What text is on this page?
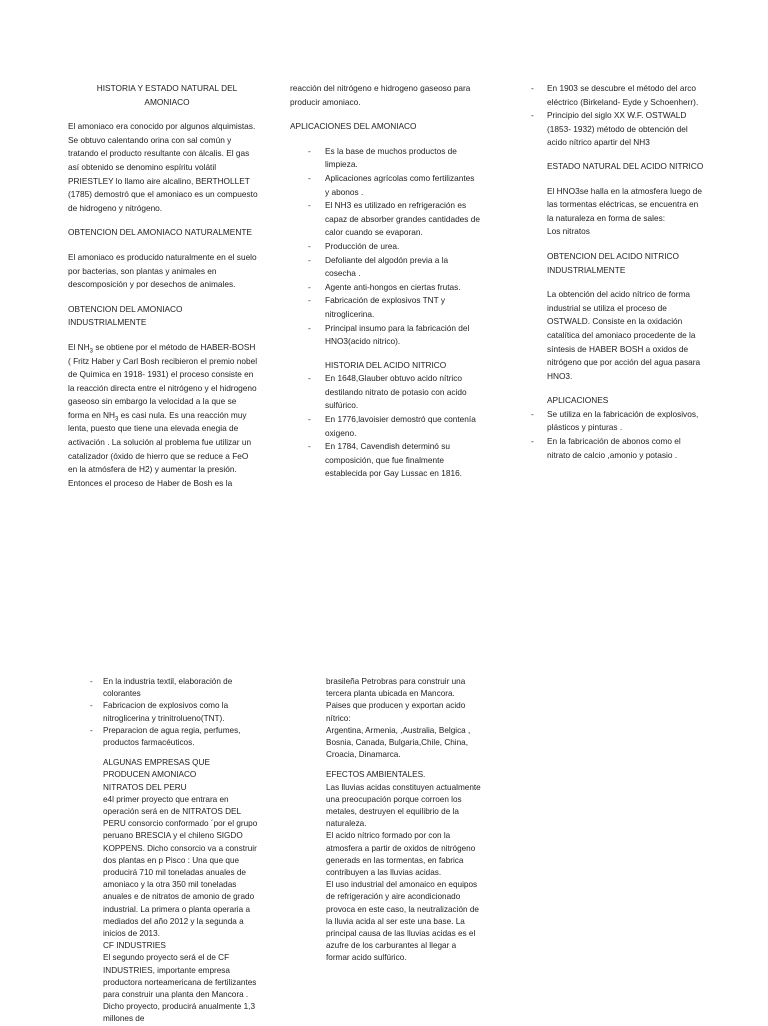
HISTORIA Y ESTADO NATURAL DEL
AMONIACO

El amoniaco era conocido por algunos alquimistas. Se obtuvo calentando orina con sal común y tratando el producto resultante con álcalis. El gas así obtenido se denomino espíritu volátil PRIESTLEY lo llamo aire alcalino, BERTHOLLET (1785) demostró que el amoniaco es un compuesto de hidrogeno y nitrógeno.

OBTENCION DEL AMONIACO NATURALMENTE

El amoniaco es producido naturalmente en el suelo por bacterias, son plantas y animales en descomposición y por desechos de animales.

OBTENCION DEL AMONIACO INDUSTRIALMENTE

El $NH_3$ se obtiene por el método de HABER-BOSH ( Fritz Haber y Carl Bosh recibieron el premio nobel de Quimica en 1918- 1931) el proceso consiste en la reacción directa entre el nitrógeno y el hidrogeno gaseoso sin embargo la velocidad a la que se forma en $NH_3$ es casi nula. Es una reacción muy lenta, puesto que tiene una elevada enegia de activación . La solución al problema fue utilizar un catalizador (óxido de hierro que se reduce a FeO en la atmósfera de H2) y aumentar la presión. Entonces el proceso de Haber de Bosh es la

reacción del nitrógeno e hidrogeno gaseoso para producir amoniaco.

APLICACIONES DEL AMONIACO

- Es la base de muchos productos de limpieza.
- Aplicaciones agrícolas como fertilizantes y abonos .
- El NH3 es utilizado en refrigeración es capaz de absorber grandes cantidades de calor cuando se evaporan.
- Producción de urea.
- Defoliante del algodón previa a la cosecha .
- Agente anti-hongos en ciertas frutas.
- Fabricación de explosivos TNT y nitroglicerina.
- Principal insumo para la fabricación del HNO3(acido nitrico).

HISTORIA DEL ACIDO NITRICO

- En 1648,Glauber obtuvo acido nítrico destilando nitrato de potasio con acido sulfúrico.
- En 1776,lavoisier demostró que contenía oxigeno.
- En 1784, Cavendish determinó su composición, que fue finalmente establecida por Gay Lussac en 1816.
- En 1903 se descubre el método del arco eléctrico (Birkeland- Eyde y Schoenherr).
- Principio del siglo XX W.F. OSTWALD (1853- 1932) método de obtención del acido nítrico apartir del NH3

ESTADO NATURAL DEL ACIDO NITRICO

El HNO3se halla en la atmosfera luego de las tormentas eléctricas, se encuentra en la naturaleza en forma de sales:

Los nitratos

OBTENCION DEL ACIDO NITRICO INDUSTRIALMENTE

La obtención del acido nítrico de forma industrial se utiliza el proceso de OSTWALD. Consiste en la oxidación catalítica del amoniaco procedente de la síntesis de HABER BOSH a oxidos de nitrógeno que por acción del agua pasara HNO3.

APLICACIONES

- Se utiliza en la fabricación de explosivos, plásticos y pinturas .
- En la fabricación de abonos como el nitrato de calcio ,amonio y potasio .
- En la industria textil, elaboración de colorantes
- Fabricacion de explosivos como la nitroglicerina y trinitrolueno(TNT).
- Preparacion de agua regia, perfumes, productos farmacéuticos.

ALGUNAS EMPRESAS QUE PRODUCEN AMONIACO

NITRATOS DEL PERU

e4l primer proyecto que entrara en operación será en de NITRATOS DEL PERU consorcio conformado ´por el grupo peruano BRESCIA y el chileno SIGDO KOPPENS. Dicho consorcio va a construir dos plantas en p Pisco : Una que que producirá 710 mil toneladas anuales de amoniaco y la otra 350 mil toneladas anuales e de nitratos de amonio de grado industrial. La primera o planta operaria a mediados del año 2012 y la segunda a inicios de 2013.

CF INDUSTRIES

El segundo proyecto será el de CF INDUSTRIES, importante empresa productora norteamericana de fertilizantes para construir una planta den Mancora . Dicho proyecto, producirá anualmente 1,3 millones de

brasileña Petrobras para construir una tercera planta ubicada en Mancora.

Paises que producen y exportan acido nítrico:

Argentina, Armenia, ,Australia, Belgica , Bosnia, Canada, Bulgaria,Chile, China, Croacia, Dinamarca.

EFECTOS AMBIENTALES.

Las lluvias acidas constituyen actualmente una preocupación porque corroen los metales, destruyen el equilibrio de la naturaleza.

El acido nítrico formado por con la atmosfera a partir de oxidos de nitrógeno generads en las tormentas, en fabrica contribuyen a las lluvias acidas.

El uso industrial del amonaico en equipos de refrigeración y aire acondicionado provoca en este caso, la neutralización de la lluvia acida al ser este una base. La principal causa de las lluvias acidas es el azufre de los carburantes al llegar a formar acido sulfúrico.
